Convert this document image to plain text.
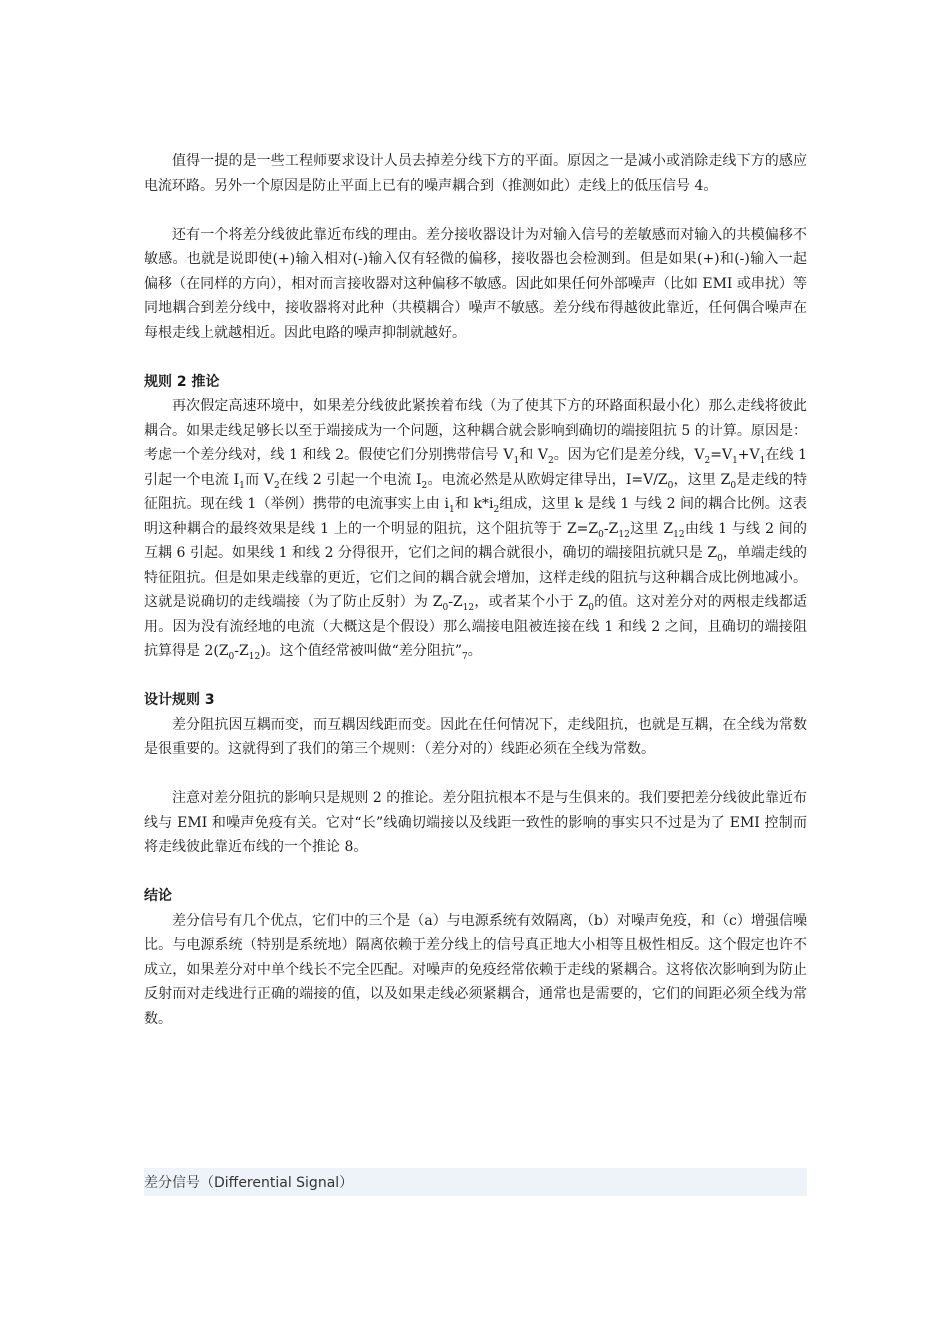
值得一提的是一些工程师要求设计人员去掉差分线下方的平面。原因之一是减小或消除走线下方的感应电流环路。另外一个原因是防止平面上已有的噪声耦合到（推测如此）走线上的低压信号 4。

还有一个将差分线彼此靠近布线的理由。差分接收器设计为对输入信号的差敏感而对输入的共模偏移不敏感。也就是说即使(+)输入相对(-)输入仅有轻微的偏移，接收器也会检测到。但是如果(+)和(-)输入一起偏移（在同样的方向），相对而言接收器对这种偏移不敏感。因此如果任何外部噪声（比如 EMI 或串扰）等同地耦合到差分线中，接收器将对此种（共模耦合）噪声不敏感。差分线布得越彼此靠近，任何偶合噪声在每根走线上就越相近。因此电路的噪声抑制就越好。

规则 2 推论

再次假定高速环境中，如果差分线彼此紧挨着布线（为了使其下方的环路面积最小化）那么走线将彼此耦合。如果走线足够长以至于端接成为一个问题，这种耦合就会影响到确切的端接阻抗 5 的计算。原因是：考虑一个差分线对，线 1 和线 2。假使它们分别携带信号 $V_1$和 $V_2$。因为它们是差分线，$V_2=V_1+V_1$在线 1 引起一个电流 $I_1$而 $V_2$在线 2 引起一个电流 $I_2$。电流必然是从欧姆定律导出，$I=V/Z_0$，这里 $Z_0$是走线的特征阻抗。现在线 1（举例）携带的电流事实上由 $i_1$和 $k*i_2$组成，这里 k 是线 1 与线 2 间的耦合比例。这表明这种耦合的最终效果是线 1 上的一个明显的阻抗，这个阻抗等于 $Z=Z_0-Z_{12}$这里 $Z_{12}$由线 1 与线 2 间的互耦 6 引起。如果线 1 和线 2 分得很开，它们之间的耦合就很小，确切的端接阻抗就只是 $Z_0$，单端走线的特征阻抗。但是如果走线靠的更近，它们之间的耦合就会增加，这样走线的阻抗与这种耦合成比例地减小。这就是说确切的走线端接（为了防止反射）为 $Z_0-Z_{12}$，或者某个小于 $Z_0$的值。这对差分对的两根走线都适用。因为没有流经地的电流（大概这是个假设）那么端接电阻被连接在线 1 和线 2 之间，且确切的端接阻抗算得是 $2(Z_0-Z_{12})$。这个值经常被叫做“差分阻抗$”_7$。

设计规则 3

差分阻抗因互耦而变，而互耦因线距而变。因此在任何情况下，走线阻抗，也就是互耦，在全线为常数是很重要的。这就得到了我们的第三个规则：（差分对的）线距必须在全线为常数。

注意对差分阻抗的影响只是规则 2 的推论。差分阻抗根本不是与生俱来的。我们要把差分线彼此靠近布线与 EMI 和噪声免疫有关。它对“长”线确切端接以及线距一致性的影响的事实只不过是为了 EMI 控制而将走线彼此靠近布线的一个推论 8。

结论

差分信号有几个优点，它们中的三个是（a）与电源系统有效隔离，（b）对噪声免疫，和（c）增强信噪比。与电源系统（特别是系统地）隔离依赖于差分线上的信号真正地大小相等且极性相反。这个假定也许不成立，如果差分对中单个线长不完全匹配。对噪声的免疫经常依赖于走线的紧耦合。这将依次影响到为防止反射而对走线进行正确的端接的值，以及如果走线必须紧耦合，通常也是需要的，它们的间距必须全线为常数。

差分信号（Differential Signal）
